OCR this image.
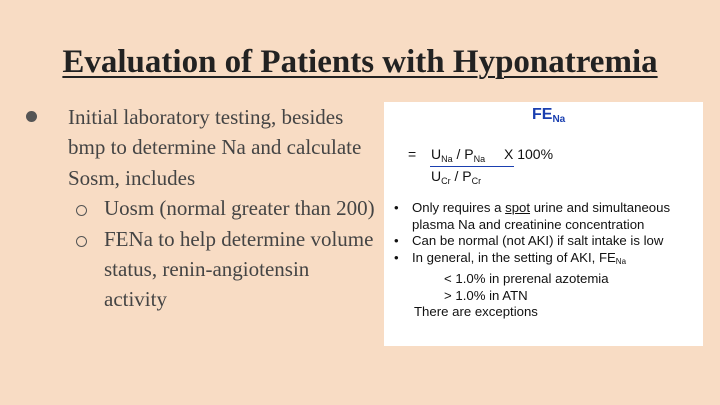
Evaluation of Patients with Hyponatremia
Initial laboratory testing, besides bmp to determine Na and calculate Sosm, includes
Uosm (normal greater than 200)
FENa to help determine volume status, renin-angiotensin activity
$FE_{Na}$
= $U_{Na} / P_{Na}$
$U_{Cr} / P_{Cr}$
X 100%
• Only requires a spot urine and simultaneous plasma Na and creatinine concentration
• Can be normal (not AKI) if salt intake is low
• In general, in the setting of AKI, $FE_{Na}$
< 1.0% in prerenal azotemia
> 1.0% in ATN
There are exceptions
